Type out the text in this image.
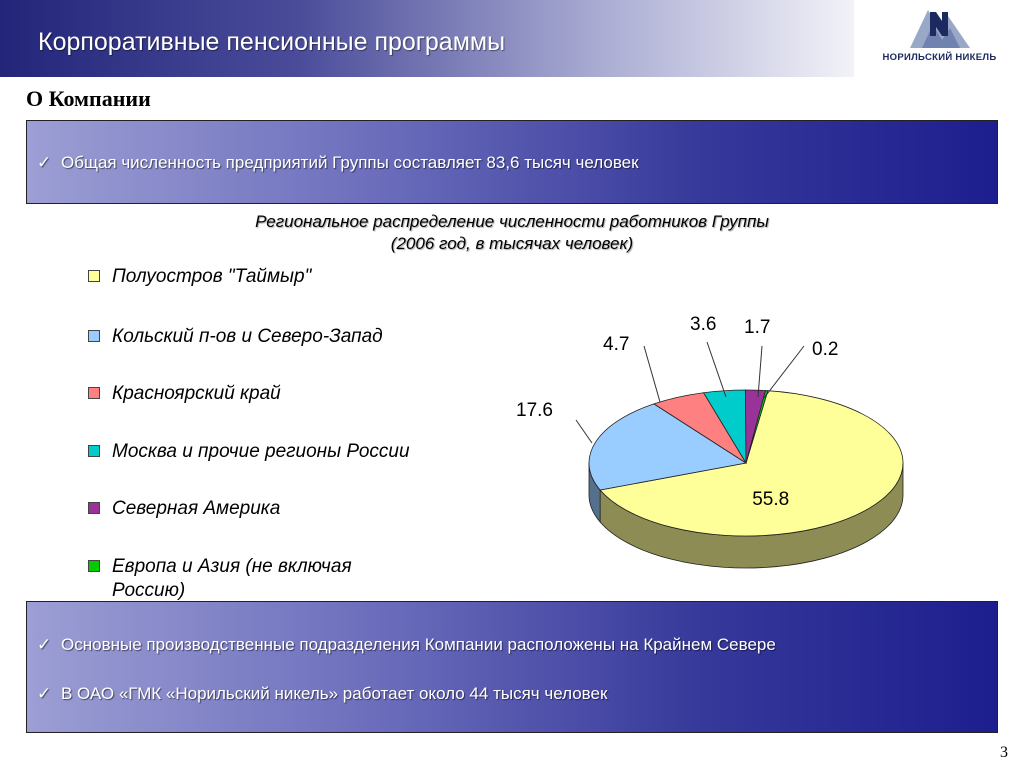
Корпоративные пенсионные программы
НОРИЛЬСКИЙ НИКЕЛЬ
О Компании
✓ Общая численность предприятий Группы составляет 83,6 тысяч человек
Региональное распределение численности работников Группы
(2006 год, в тысячах человек)
Полуостров "Таймыр"
Кольский п-ов и Северо-Запад
Красноярский край
Москва и прочие регионы России
Северная Америка
Европа и Азия (не включая Россию)
55.8
17.6
4.7
3.6 1.7
0.2
✓ Основные производственные подразделения Компании расположены на Крайнем Севере
✓ В ОАО «ГМК «Норильский никель» работает около 44 тысяч человек
3
